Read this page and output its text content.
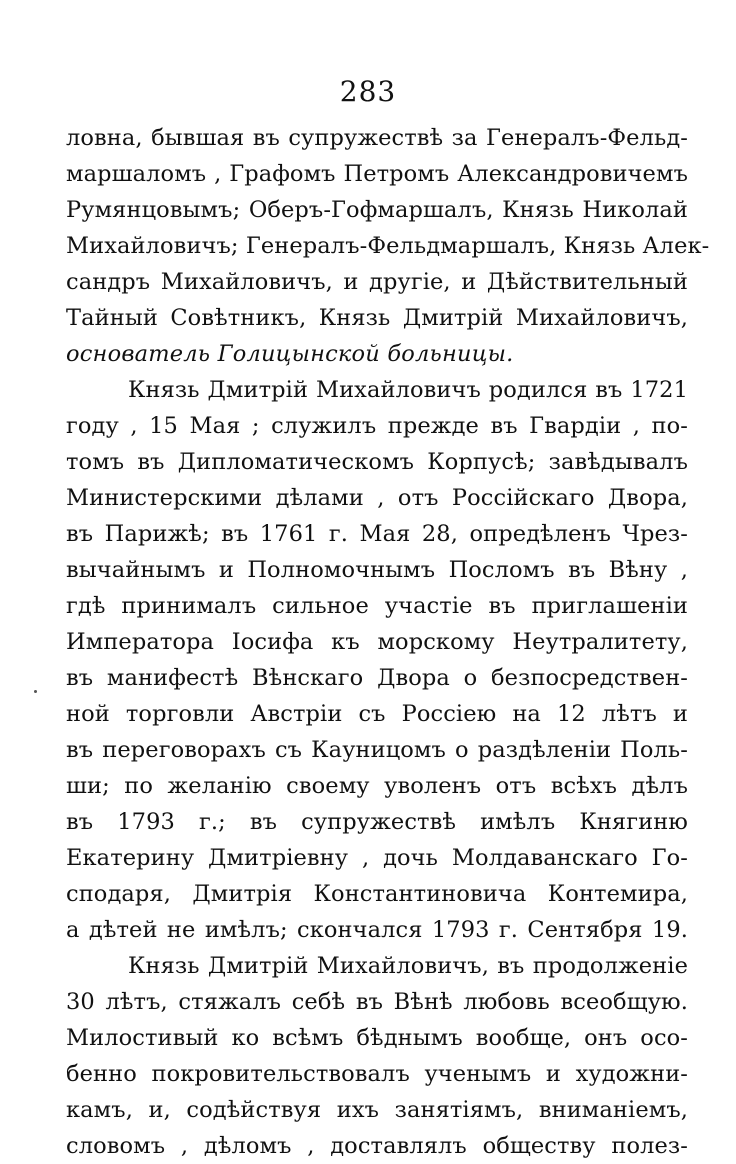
283
ловна, бывшая въ супружествѣ за Генералъ-Фельд-
маршаломъ , Графомъ Петромъ Александровичемъ
Румянцовымъ; Оберъ-Гофмаршалъ, Князь Николай
Михайловичъ; Генералъ-Фельдмаршалъ, Князь Алек-
сандръ Михайловичъ, и другіе, и Дѣйствительный
Тайный Совѣтникъ, Князь Дмитрій Михайловичъ,
основатель Голицынской больницы.
Князь Дмитрій Михайловичъ родился въ 1721
году , 15 Мая ; служилъ прежде въ Гвардіи , по-
томъ въ Дипломатическомъ Корпусѣ; завѣдывалъ
Министерскими дѣлами , отъ Россійскаго Двора,
въ Парижѣ; въ 1761 г. Мая 28, опредѣленъ Чрез-
вычайнымъ и Полномочнымъ Посломъ въ Вѣну ,
гдѣ принималъ сильное участіе въ приглашеніи
Императора Іосифа къ морскому Неутралитету,
въ манифестѣ Вѣнскаго Двора о безпосредствен-
ной торговли Австріи съ Россіею на 12 лѣтъ и
въ переговорахъ съ Кауницомъ о раздѣленіи Поль-
ши; по желанію своему уволенъ отъ всѣхъ дѣлъ
въ 1793 г.; въ супружествѣ имѣлъ Княгиню
Екатерину Дмитріевну , дочь Молдаванскаго Го-
сподаря, Дмитрія Константиновича Контемира,
а дѣтей не имѣлъ; скончался 1793 г. Сентября 19.
Князь Дмитрій Михайловичъ, въ продолженіе
30 лѣтъ, стяжалъ себѣ въ Вѣнѣ любовь всеобщую.
Милостивый ко всѣмъ бѣднымъ вообще, онъ осо-
бенно покровительствовалъ ученымъ и художни-
камъ, и, содѣйствуя ихъ занятіямъ, вниманіемъ,
словомъ , дѣломъ , доставлялъ обществу полез-
